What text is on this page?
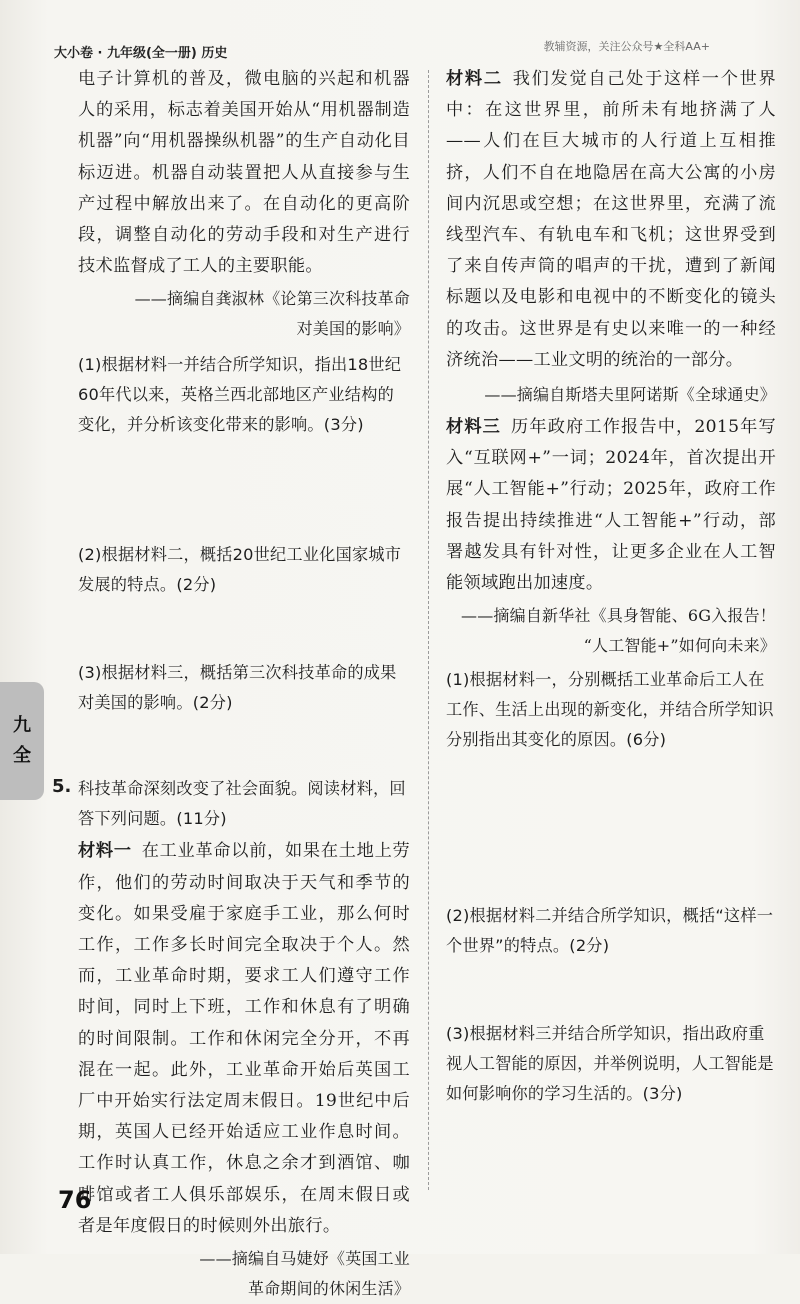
大小卷 · 九年级(全一册) 历史	教辅资源，关注公众号★全科AA+

电子计算机的普及，微电脑的兴起和机器人的采用，标志着美国开始从“用机器制造机器”向“用机器操纵机器”的生产自动化目标迈进。机器自动装置把人从直接参与生产过程中解放出来了。在自动化的更高阶段，调整自动化的劳动手段和对生产进行技术监督成了工人的主要职能。

——摘编自龚淑林《论第三次科技革命

对美国的影响》

(1)根据材料一并结合所学知识，指出18世纪60年代以来，英格兰西北部地区产业结构的变化，并分析该变化带来的影响。(3分)

(2)根据材料二，概括20世纪工业化国家城市发展的特点。(2分)

(3)根据材料三，概括第三次科技革命的成果对美国的影响。(2分)

5. 科技革命深刻改变了社会面貌。阅读材料，回答下列问题。(11分)

材料一 在工业革命以前，如果在土地上劳作，他们的劳动时间取决于天气和季节的变化。如果受雇于家庭手工业，那么何时工作，工作多长时间完全取决于个人。然而，工业革命时期，要求工人们遵守工作时间，同时上下班，工作和休息有了明确的时间限制。工作和休闲完全分开，不再混在一起。此外，工业革命开始后英国工厂中开始实行法定周末假日。19世纪中后期，英国人已经开始适应工业作息时间。工作时认真工作，休息之余才到酒馆、咖啡馆或者工人俱乐部娱乐，在周末假日或者是年度假日的时候则外出旅行。

——摘编自马婕妤《英国工业

革命期间的休闲生活》

材料二 我们发觉自己处于这样一个世界中：在这世界里，前所未有地挤满了人——人们在巨大城市的人行道上互相推挤，人们不自在地隐居在高大公寓的小房间内沉思或空想；在这世界里，充满了流线型汽车、有轨电车和飞机；这世界受到了来自传声筒的唱声的干扰，遭到了新闻标题以及电影和电视中的不断变化的镜头的攻击。这世界是有史以来唯一的一种经济统治——工业文明的统治的一部分。

——摘编自斯塔夫里阿诺斯《全球通史》

材料三 历年政府工作报告中，2015年写入“互联网+”一词；2024年，首次提出开展“人工智能+”行动；2025年，政府工作报告提出持续推进“人工智能+”行动，部署越发具有针对性，让更多企业在人工智能领域跑出加速度。

——摘编自新华社《具身智能、6G入报告！

“人工智能+”如何向未来》

(1)根据材料一，分别概括工业革命后工人在工作、生活上出现的新变化，并结合所学知识分别指出其变化的原因。(6分)

(2)根据材料二并结合所学知识，概括“这样一个世界”的特点。(2分)

(3)根据材料三并结合所学知识，指出政府重视人工智能的原因，并举例说明，人工智能是如何影响你的学习生活的。(3分)

九
全
76
